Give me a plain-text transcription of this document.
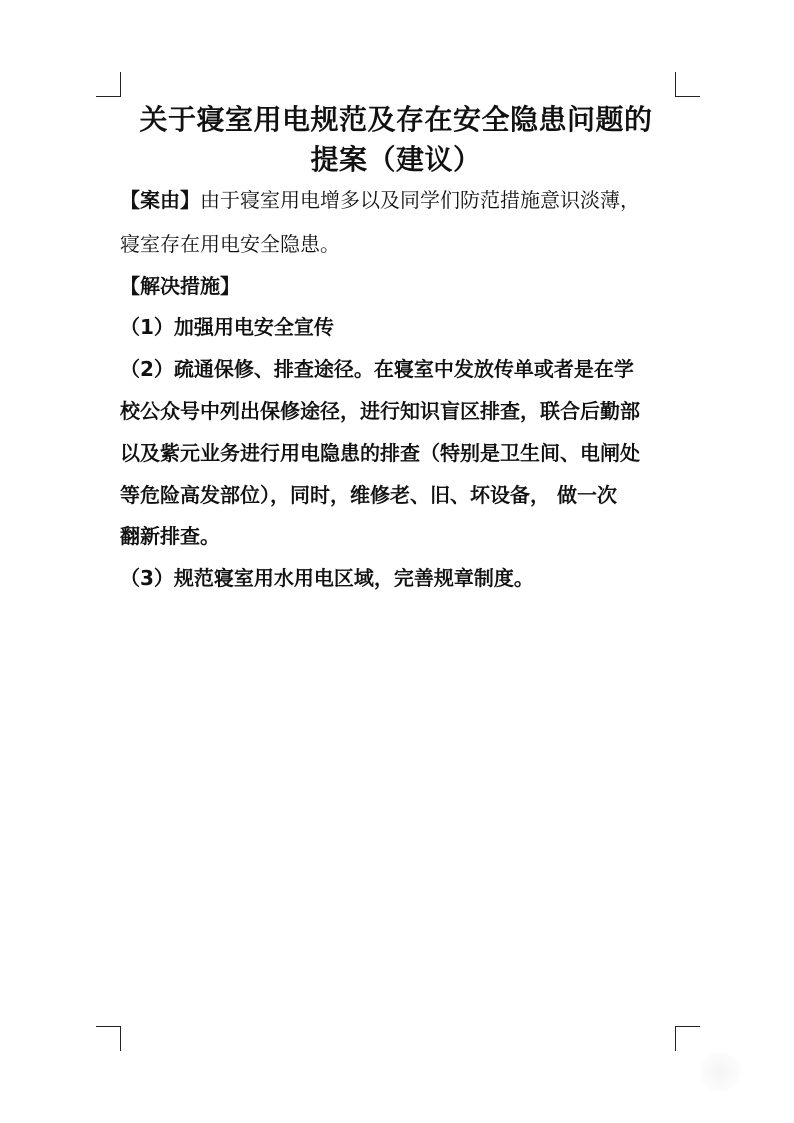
关于寝室用电规范及存在安全隐患问题的
提案（建议）

【案由】由于寝室用电增多以及同学们防范措施意识淡薄，

寝室存在用电安全隐患。

【解决措施】

（1）加强用电安全宣传

（2）疏通保修、排查途径。在寝室中发放传单或者是在学

校公众号中列出保修途径，进行知识盲区排查，联合后勤部

以及紫元业务进行用电隐患的排查（特别是卫生间、电闸处

等危险高发部位），同时，维修老、旧、坏设备， 做一次

翻新排查。

（3）规范寝室用水用电区域，完善规章制度。
